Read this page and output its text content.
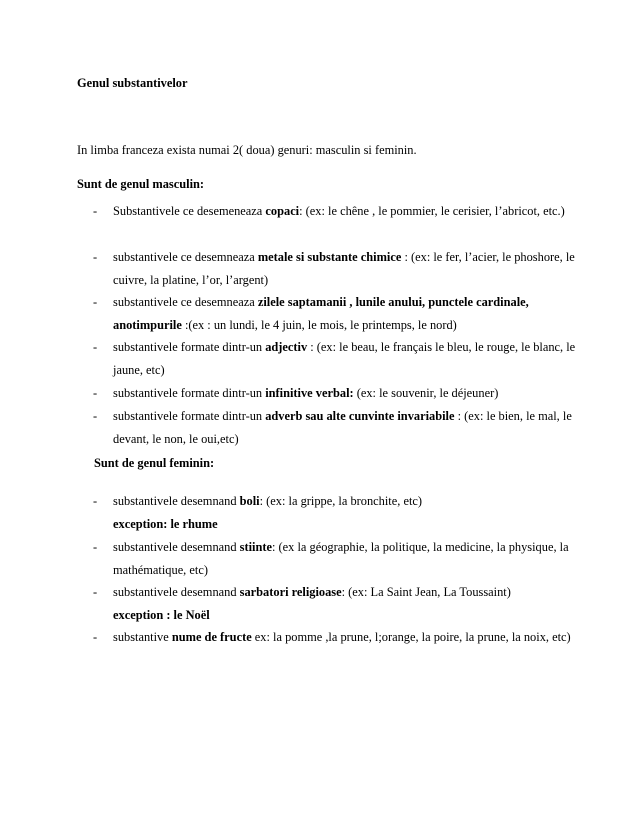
Genul substantivelor
In limba franceza exista numai 2( doua) genuri: masculin si feminin.
Sunt de genul masculin:
- Substantivele ce desemeneaza copaci: (ex: le chêne , le pommier, le cerisier, l’abricot, etc.)
- substantivele ce desemneaza metale si substante chimice : (ex: le fer, l’acier, le phoshore, le cuivre, la platine, l’or, l’argent)
- substantivele ce desemneaza zilele saptamanii , lunile anului, punctele cardinale, anotimpurile :(ex : un lundi, le 4 juin, le mois, le printemps, le nord)
- substantivele formate dintr-un adjectiv : (ex: le beau, le français le bleu, le rouge, le blanc, le jaune, etc)
- substantivele formate dintr-un infinitive verbal: (ex: le souvenir, le déjeuner)
- substantivele formate dintr-un adverb sau alte cunvinte invariabile : (ex: le bien, le mal, le devant, le non, le oui,etc)
Sunt de genul feminin:
- substantivele desemnand boli: (ex: la grippe, la bronchite, etc)
exception: le rhume
- substantivele desemnand stiinte: (ex la géographie, la politique, la medicine, la physique, la mathématique, etc)
- substantivele desemnand sarbatori religioase: (ex: La Saint Jean, La Toussaint)
exception : le Noël
- substantive nume de fructe ex: la pomme ,la prune, l;orange, la poire, la prune, la noix, etc)
